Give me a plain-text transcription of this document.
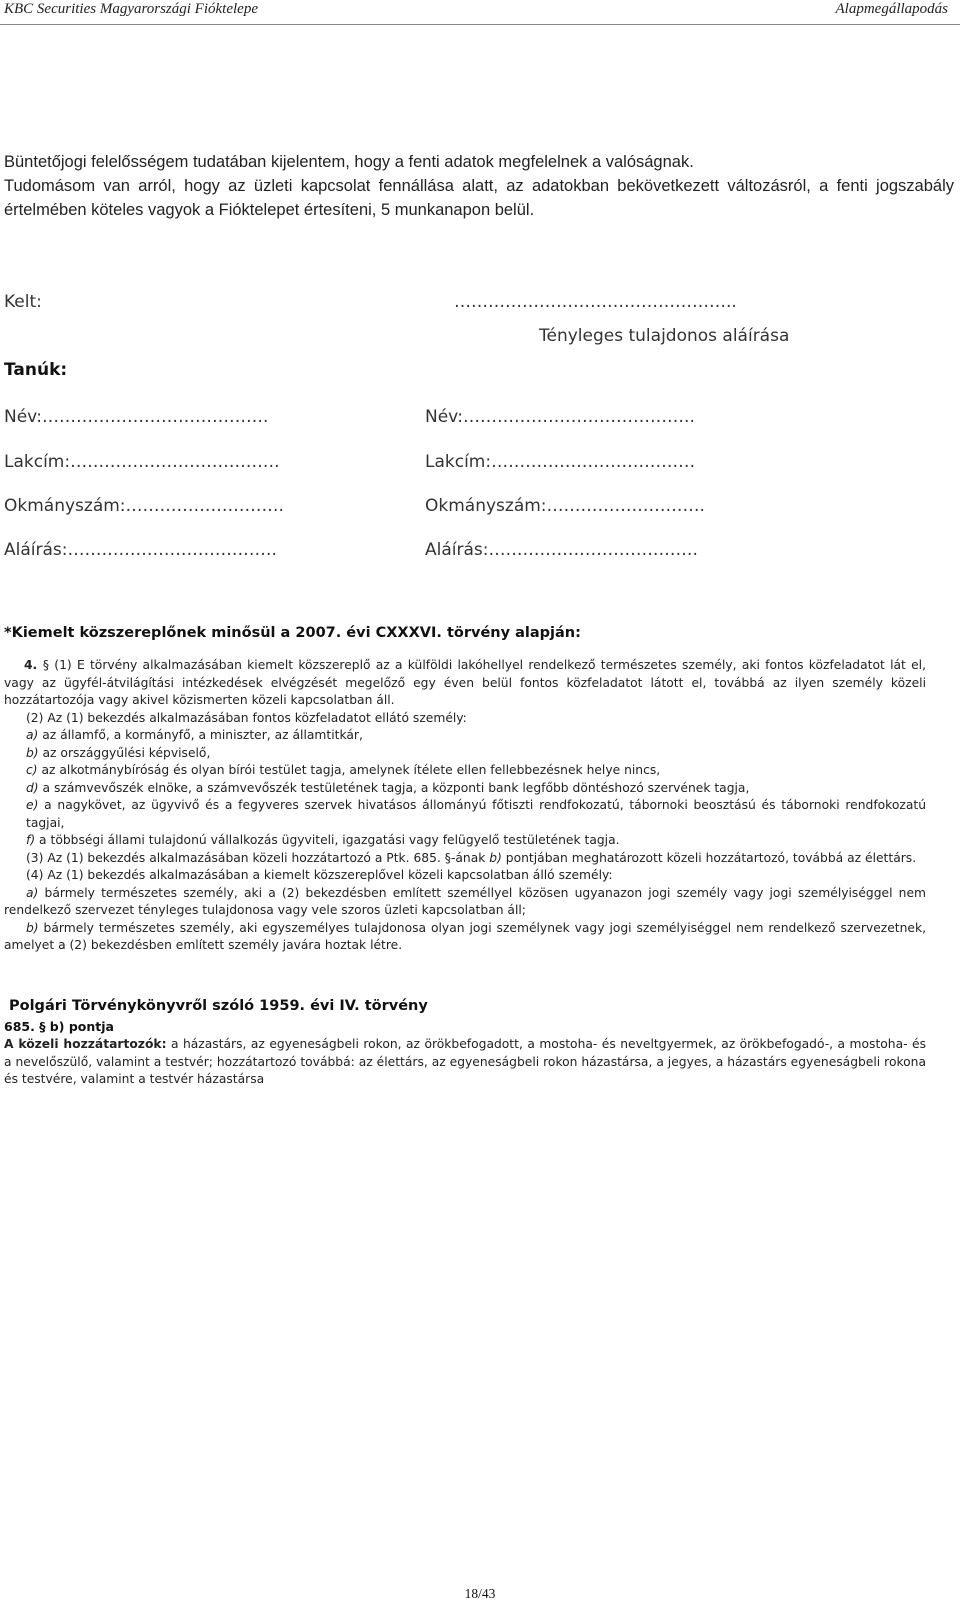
KBC Securities Magyarországi Fióktelepe	Alapmegállapodás

Büntetőjogi felelősségem tudatában kijelentem, hogy a fenti adatok megfelelnek a valóságnak.

Tudomásom van arról, hogy az üzleti kapcsolat fennállása alatt, az adatokban bekövetkezett változásról, a fenti jogszabály értelmében köteles vagyok a Fióktelepet értesíteni, 5 munkanapon belül.

Kelt:	…………………………………………..
Tényleges tulajdonos aláírása
Tanúk:
Név:………………………………….
Lakcím:……………………………….
Okmányszám:……………………….
Aláírás:……………………………….
Név:…………………………………..
Lakcím:………………………………
Okmányszám:……………………….
Aláírás:……………………………….
*Kiemelt közszereplőnek minősül a 2007. évi CXXXVI. törvény alapján:

4. § (1) E törvény alkalmazásában kiemelt közszereplő az a külföldi lakóhellyel rendelkező természetes személy, aki fontos közfeladatot lát el, vagy az ügyfél-átvilágítási intézkedések elvégzését megelőző egy éven belül fontos közfeladatot látott el, továbbá az ilyen személy közeli hozzátartozója vagy akivel közismerten közeli kapcsolatban áll.

(2) Az (1) bekezdés alkalmazásában fontos közfeladatot ellátó személy:

a) az államfő, a kormányfő, a miniszter, az államtitkár,

b) az országgyűlési képviselő,

c) az alkotmánybíróság és olyan bírói testület tagja, amelynek ítélete ellen fellebbezésnek helye nincs,

d) a számvevőszék elnöke, a számvevőszék testületének tagja, a központi bank legfőbb döntéshozó szervének tagja,

e) a nagykövet, az ügyvivő és a fegyveres szervek hivatásos állományú főtiszti rendfokozatú, tábornoki beosztású és tábornoki rendfokozatú tagjai,

f) a többségi állami tulajdonú vállalkozás ügyviteli, igazgatási vagy felügyelő testületének tagja.

(3) Az (1) bekezdés alkalmazásában közeli hozzátartozó a Ptk. 685. §-ának b) pontjában meghatározott közeli hozzátartozó, továbbá az élettárs.

(4) Az (1) bekezdés alkalmazásában a kiemelt közszereplővel közeli kapcsolatban álló személy:

a) bármely természetes személy, aki a (2) bekezdésben említett személlyel közösen ugyanazon jogi személy vagy jogi személyiséggel nem rendelkező szervezet tényleges tulajdonosa vagy vele szoros üzleti kapcsolatban áll;

b) bármely természetes személy, aki egyszemélyes tulajdonosa olyan jogi személynek vagy jogi személyiséggel nem rendelkező szervezetnek, amelyet a (2) bekezdésben említett személy javára hoztak létre.

Polgári Törvénykönyvről szóló 1959. évi IV. törvény
685. § b) pontja

A közeli hozzátartozók: a házastárs, az egyeneságbeli rokon, az örökbefogadott, a mostoha- és neveltgyermek, az örökbefogadó-, a mostoha- és a nevelőszülő, valamint a testvér; hozzátartozó továbbá: az élettárs, az egyeneságbeli rokon házastársa, a jegyes, a házastárs egyeneságbeli rokona és testvére, valamint a testvér házastársa

18/43
